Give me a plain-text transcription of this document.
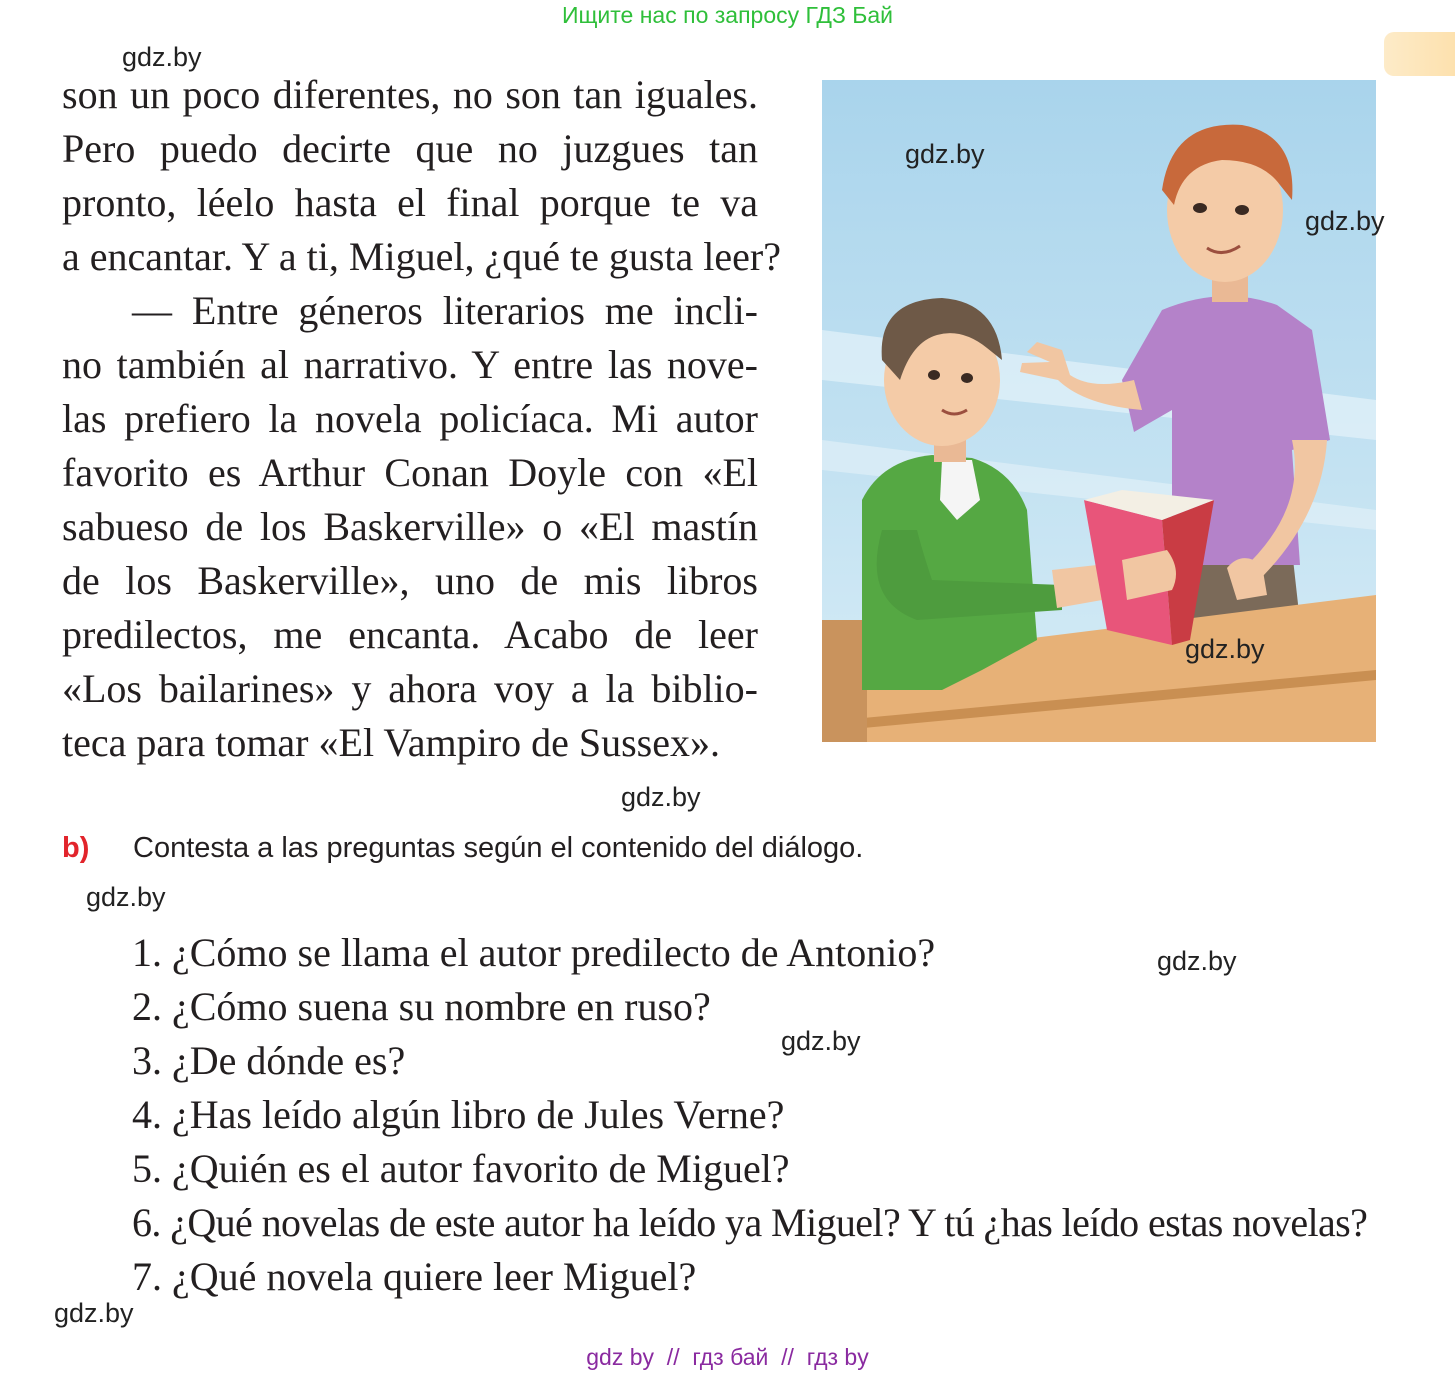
Ищите нас по запросу ГДЗ Бай
son un poco diferentes, no son tan iguales.
Pero puedo decirte que no juzgues tan
pronto, léelo hasta el final porque te va
a encantar. Y a ti, Miguel, ¿qué te gusta leer?
— Entre géneros literarios me incli-
no también al narrativo. Y entre las nove-
las prefiero la novela policíaca. Mi autor
favorito es Arthur Conan Doyle con «El
sabueso de los Baskerville» o «El mastín
de los Baskerville», uno de mis libros
predilectos, me encanta. Acabo de leer
«Los bailarines» y ahora voy a la biblio-
teca para tomar «El Vampiro de Sussex».
gdz.by
gdz.by
gdz.by
gdz.by
gdz.by
gdz.by
gdz.by
gdz.by
gdz.by
b) Contesta a las preguntas según el contenido del diálogo.
1. ¿Cómo se llama el autor predilecto de Antonio?
2. ¿Cómo suena su nombre en ruso?
3. ¿De dónde es?
4. ¿Has leído algún libro de Jules Verne?
5. ¿Quién es el autor favorito de Miguel?
6. ¿Qué novelas de este autor ha leído ya Miguel? Y tú ¿has leído estas novelas?
7. ¿Qué novela quiere leer Miguel?
gdz by  //  гдз бай  //  гдз by
